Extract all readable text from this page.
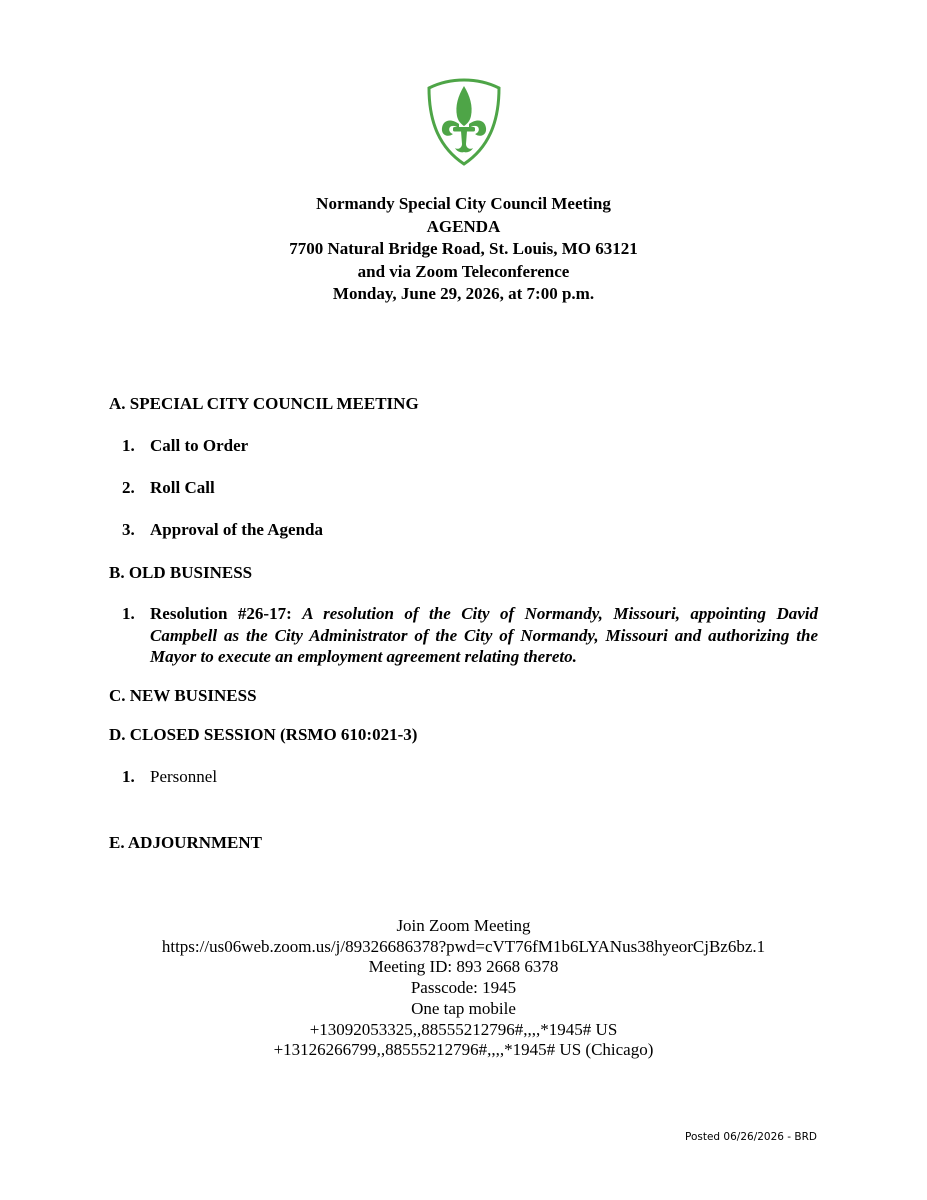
Normandy Special City Council Meeting
AGENDA
7700 Natural Bridge Road, St. Louis, MO 63121
and via Zoom Teleconference
Monday, June 29, 2026, at 7:00 p.m.
A. SPECIAL CITY COUNCIL MEETING
1. Call to Order
2. Roll Call
3. Approval of the Agenda
B. OLD BUSINESS
1. Resolution #26-17: A resolution of the City of Normandy, Missouri, appointing David Campbell as the City Administrator of the City of Normandy, Missouri and authorizing the Mayor to execute an employment agreement relating thereto.
C. NEW BUSINESS
D. CLOSED SESSION (RSMO 610:021-3)
1. Personnel
E. ADJOURNMENT
Join Zoom Meeting
https://us06web.zoom.us/j/89326686378?pwd=cVT76fM1b6LYANus38hyeorCjBz6bz.1
Meeting ID: 893 2668 6378
Passcode: 1945
One tap mobile
+13092053325,,88555212796#,,,,*1945# US
+13126266799,,88555212796#,,,,*1945# US (Chicago)
Posted 06/26/2026 - BRD
